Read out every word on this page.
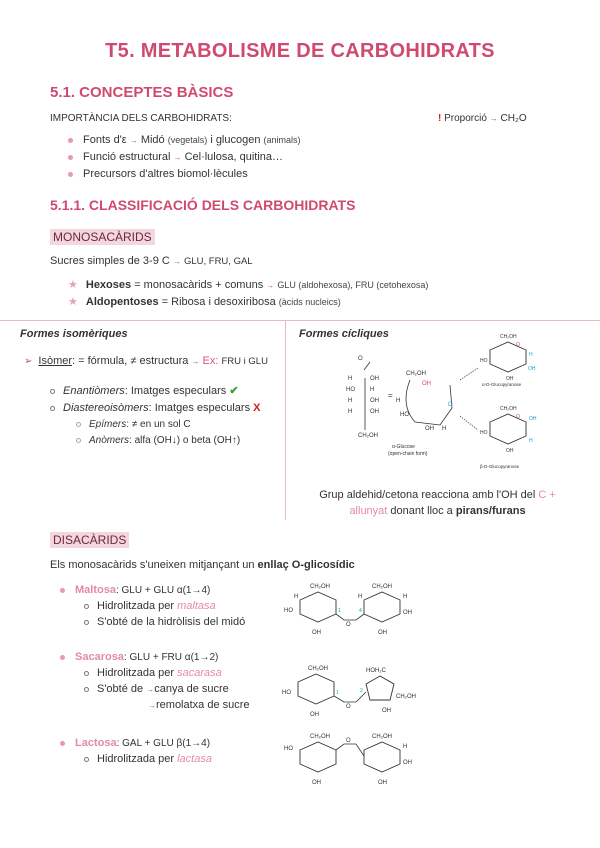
T5. METABOLISME DE CARBOHIDRATS
5.1. CONCEPTES BÀSICS
IMPORTÀNCIA DELS CARBOHIDRATS:	! Proporció → CH₂O
Fonts d'ε → Midó (vegetals) i glucogen (animals)
Funció estructural → Cel·lulosa, quitina…
Precursors d'altres biomol·lècules
5.1.1. CLASSIFICACIÓ DELS CARBOHIDRATS
MONOSACÀRIDS
Sucres simples de 3-9 C → GLU, FRU, GAL
★ Hexoses = monosacàrids + comuns → GLU (aldohexosa), FRU (cetohexosa)
★ Aldopentoses = Ribosa i desoxiribosa (àcids nucleics)
Formes isomèriques
➢ Isòmer: = fórmula, ≠ estructura → Ex: FRU i GLU
Enantiòmers: Imatges especulars ✔
Diastereoisòmers: Imatges especulars X
Epímers: ≠ en un sol C
Anòmers: alfa (OH↓) o beta (OH↑)
Formes cícliques
H	OH
HO	H
H	OH
H	OH
CH₂OH
O
=
CH₂OH
OH
O
H
HO
OH H
α-Glucose
(open-chain form)
CH₂OH
O
H
HO
OH
OH
α-D-Glucopyranose
CH₂OH
O OH
HO
OH
H
β-D-Glucopyranose
Grup aldehid/cetona reacciona amb l'OH del C + allunyat donant lloc a pirans/furans
DISACÀRIDS
Els monosacàrids s'uneixen mitjançant un enllaç O-glicosídic
Maltosa: GLU + GLU α(1→4)
Hidrolitzada per maltasa
S'obté de la hidròlisis del midó
Sacarosa: GLU + FRU α(1→2)
Hidrolitzada per sacarasa
S'obté de →canya de sucre
→remolatxa de sucre
Lactosa: GAL + GLU β(1→4)
Hidrolitzada per lactasa
CH₂OH	CH₂OH
O
1	4
HO
OH	OH
OH
H	H	H
CH₂OH	HOH₂C
O
1	2
HO
OH
OH
CH₂OH
CH₂OH	CH₂OH
O
HO
OH	OH
OH
H
